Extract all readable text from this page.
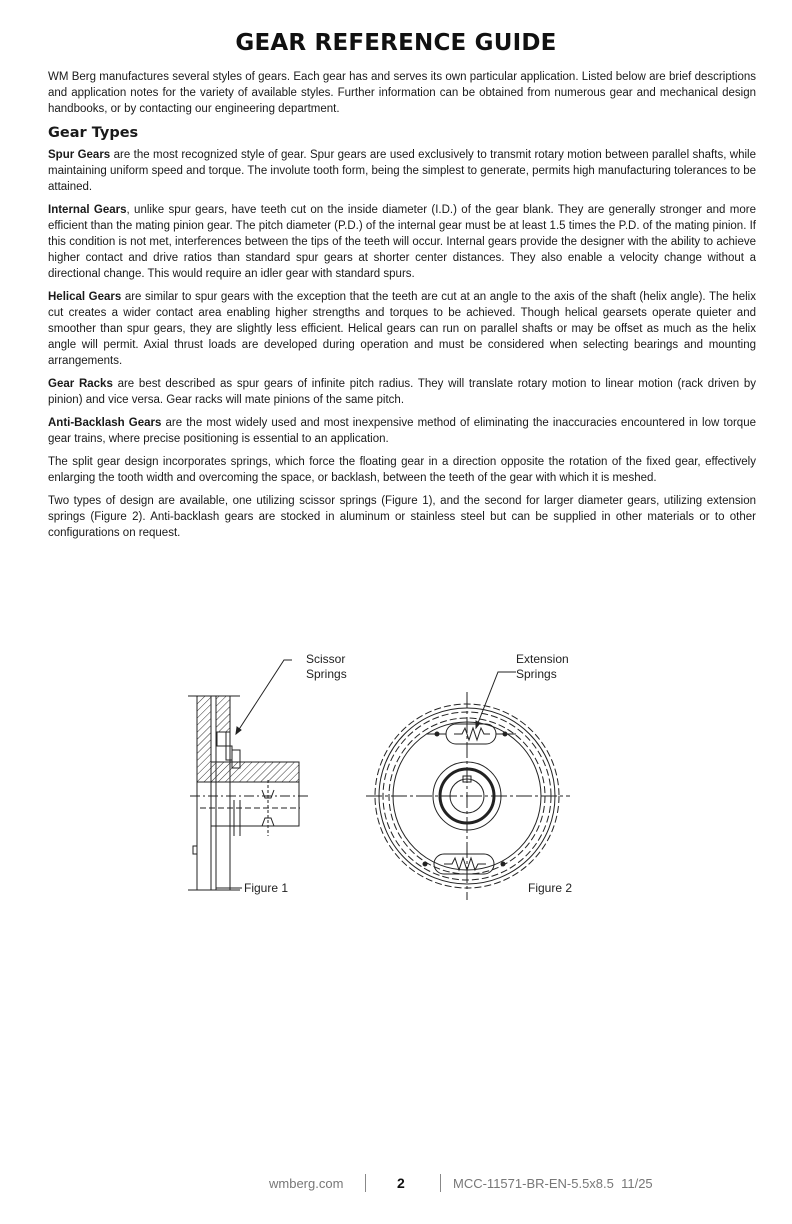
GEAR REFERENCE GUIDE

WM Berg manufactures several styles of gears. Each gear has and serves its own particular application. Listed below are brief descriptions and application notes for the variety of available styles. Further information can be obtained from numerous gear and mechanical design handbooks, or by contacting our engineering department.

Gear Types

Spur Gears are the most recognized style of gear. Spur gears are used exclusively to transmit rotary motion between parallel shafts, while maintaining uniform speed and torque. The involute tooth form, being the simplest to generate, permits high manufacturing tolerances to be attained.

Internal Gears, unlike spur gears, have teeth cut on the inside diameter (I.D.) of the gear blank. They are generally stronger and more efficient than the mating pinion gear. The pitch diameter (P.D.) of the internal gear must be at least 1.5 times the P.D. of the mating pinion. If this condition is not met, interferences between the tips of the teeth will occur. Internal gears provide the designer with the ability to achieve higher contact and drive ratios than standard spur gears at shorter center distances. They also enable a velocity change without a directional change. This would require an idler gear with standard spurs.

Helical Gears are similar to spur gears with the exception that the teeth are cut at an angle to the axis of the shaft (helix angle). The helix cut creates a wider contact area enabling higher strengths and torques to be achieved. Though helical gearsets operate quieter and smoother than spur gears, they are slightly less efficient. Helical gears can run on parallel shafts or may be offset as much as the helix angle will permit. Axial thrust loads are developed during operation and must be considered when selecting bearings and mounting arrangements.

Gear Racks are best described as spur gears of infinite pitch radius. They will translate rotary motion to linear motion (rack driven by pinion) and vice versa. Gear racks will mate pinions of the same pitch.

Anti-Backlash Gears are the most widely used and most inexpensive method of eliminating the inaccuracies encountered in low torque gear trains, where precise positioning is essential to an application.

The split gear design incorporates springs, which force the floating gear in a direction opposite the rotation of the fixed gear, effectively enlarging the tooth width and overcoming the space, or backlash, between the teeth of the gear with which it is meshed.

Two types of design are available, one utilizing scissor springs (Figure 1), and the second for larger diameter gears, utilizing extension springs (Figure 2). Anti-backlash gears are stocked in aluminum or stainless steel but can be supplied in other materials or to other configurations on request.

Scissor
Springs
Extension
Springs
Figure 1	Figure 2
wmberg.com	2	MCC-11571-BR-EN-5.5x8.5  11/25
